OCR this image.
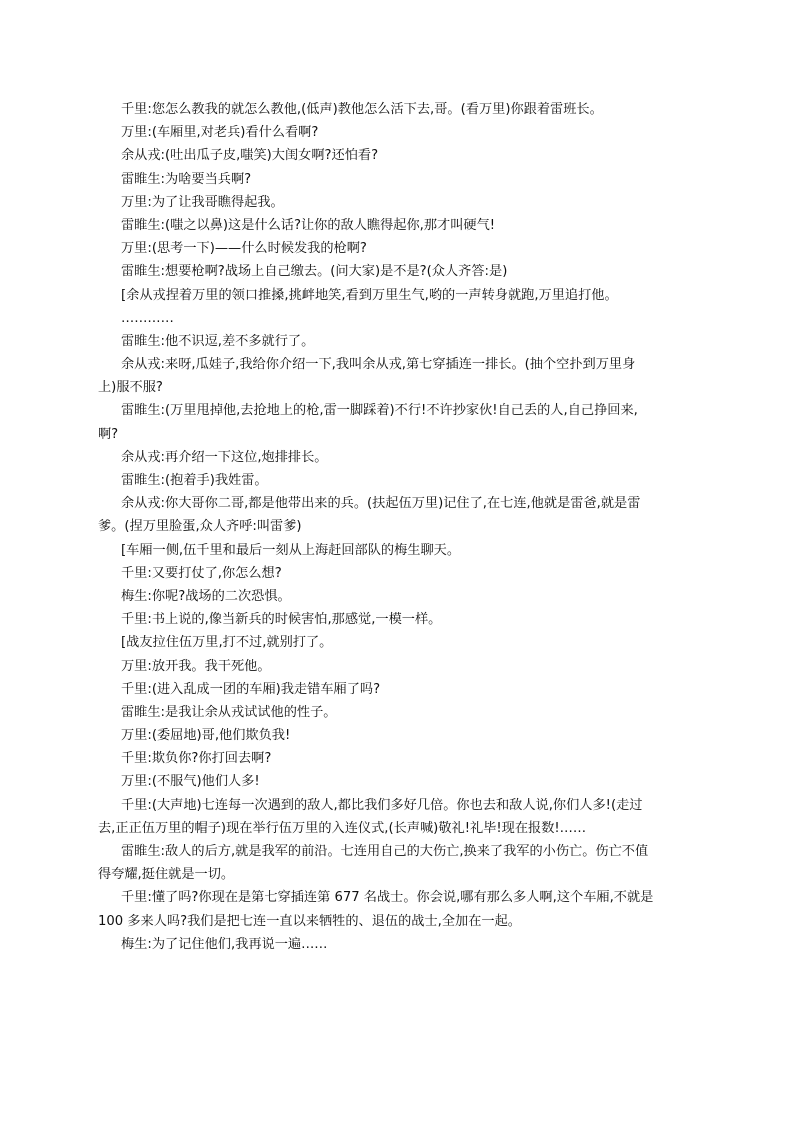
千里:您怎么教我的就怎么教他,(低声)教他怎么活下去,哥。(看万里)你跟着雷班长。
万里:(车厢里,对老兵)看什么看啊?
余从戎:(吐出瓜子皮,嗤笑)大闺女啊?还怕看?
雷睢生:为啥要当兵啊?
万里:为了让我哥瞧得起我。
雷睢生:(嗤之以鼻)这是什么话?让你的敌人瞧得起你,那才叫硬气!
万里:(思考一下)——什么时候发我的枪啊?
雷睢生:想要枪啊?战场上自己缴去。(问大家)是不是?(众人齐答:是)
[余从戎捏着万里的领口推搡,挑衅地笑,看到万里生气,哟的一声转身就跑,万里追打他。
…………
雷睢生:他不识逗,差不多就行了。
余从戎:来呀,瓜娃子,我给你介绍一下,我叫余从戎,第七穿插连一排长。(抽个空扑到万里身
上)服不服?
雷睢生:(万里甩掉他,去抢地上的枪,雷一脚踩着)不行!不许抄家伙!自己丢的人,自己挣回来,
啊?
余从戎:再介绍一下这位,炮排排长。
雷睢生:(抱着手)我姓雷。
余从戎:你大哥你二哥,都是他带出来的兵。(扶起伍万里)记住了,在七连,他就是雷爸,就是雷
爹。(捏万里脸蛋,众人齐呼:叫雷爹)
[车厢一侧,伍千里和最后一刻从上海赶回部队的梅生聊天。
千里:又要打仗了,你怎么想?
梅生:你呢?战场的二次恐惧。
千里:书上说的,像当新兵的时候害怕,那感觉,一模一样。
[战友拉住伍万里,打不过,就别打了。
万里:放开我。我干死他。
千里:(进入乱成一团的车厢)我走错车厢了吗?
雷睢生:是我让余从戎试试他的性子。
万里:(委屈地)哥,他们欺负我!
千里:欺负你?你打回去啊?
万里:(不服气)他们人多!
千里:(大声地)七连每一次遇到的敌人,都比我们多好几倍。你也去和敌人说,你们人多!(走过
去,正正伍万里的帽子)现在举行伍万里的入连仪式,(长声喊)敬礼!礼毕!现在报数!……
雷睢生:敌人的后方,就是我军的前沿。七连用自己的大伤亡,换来了我军的小伤亡。伤亡不值
得夸耀,挺住就是一切。
千里:懂了吗?你现在是第七穿插连第 677 名战士。你会说,哪有那么多人啊,这个车厢,不就是
100 多来人吗?我们是把七连一直以来牺牲的、退伍的战士,全加在一起。
梅生:为了记住他们,我再说一遍……
